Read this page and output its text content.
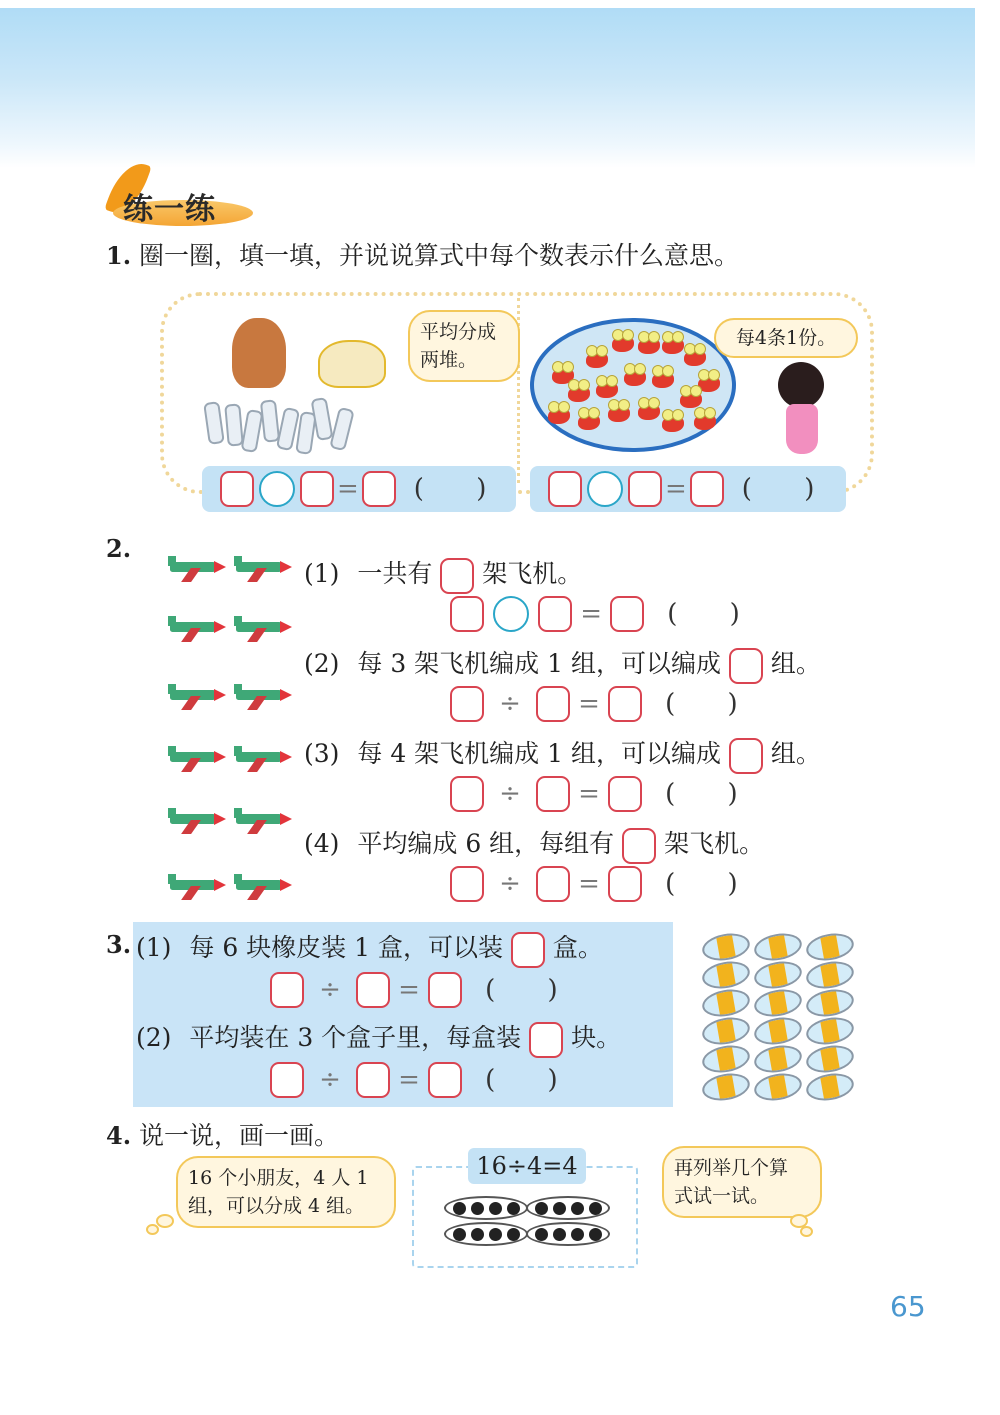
练一练
1. 圈一圈，填一填，并说说算式中每个数表示什么意思。
平均分成
两堆。
= ( )
每4条1份。
= ( )
2.
(1) 一共有 架飞机。
=	( )
(2) 每 3 架飞机编成 1 组，可以编成 组。
÷ =	( )
(3) 每 4 架飞机编成 1 组，可以编成 组。
÷ =	( )
(4) 平均编成 6 组，每组有 架飞机。
÷ =	( )
3. (1) 每 6 块橡皮装 1 盒，可以装 盒。
÷ =	( )
(2) 平均装在 3 个盒子里，每盒装 块。
÷ =	( )
4. 说一说，画一画。
16 个小朋友，4 人 1
组，可以分成 4 组。
16÷4=4	再列举几个算
式试一试。
65
